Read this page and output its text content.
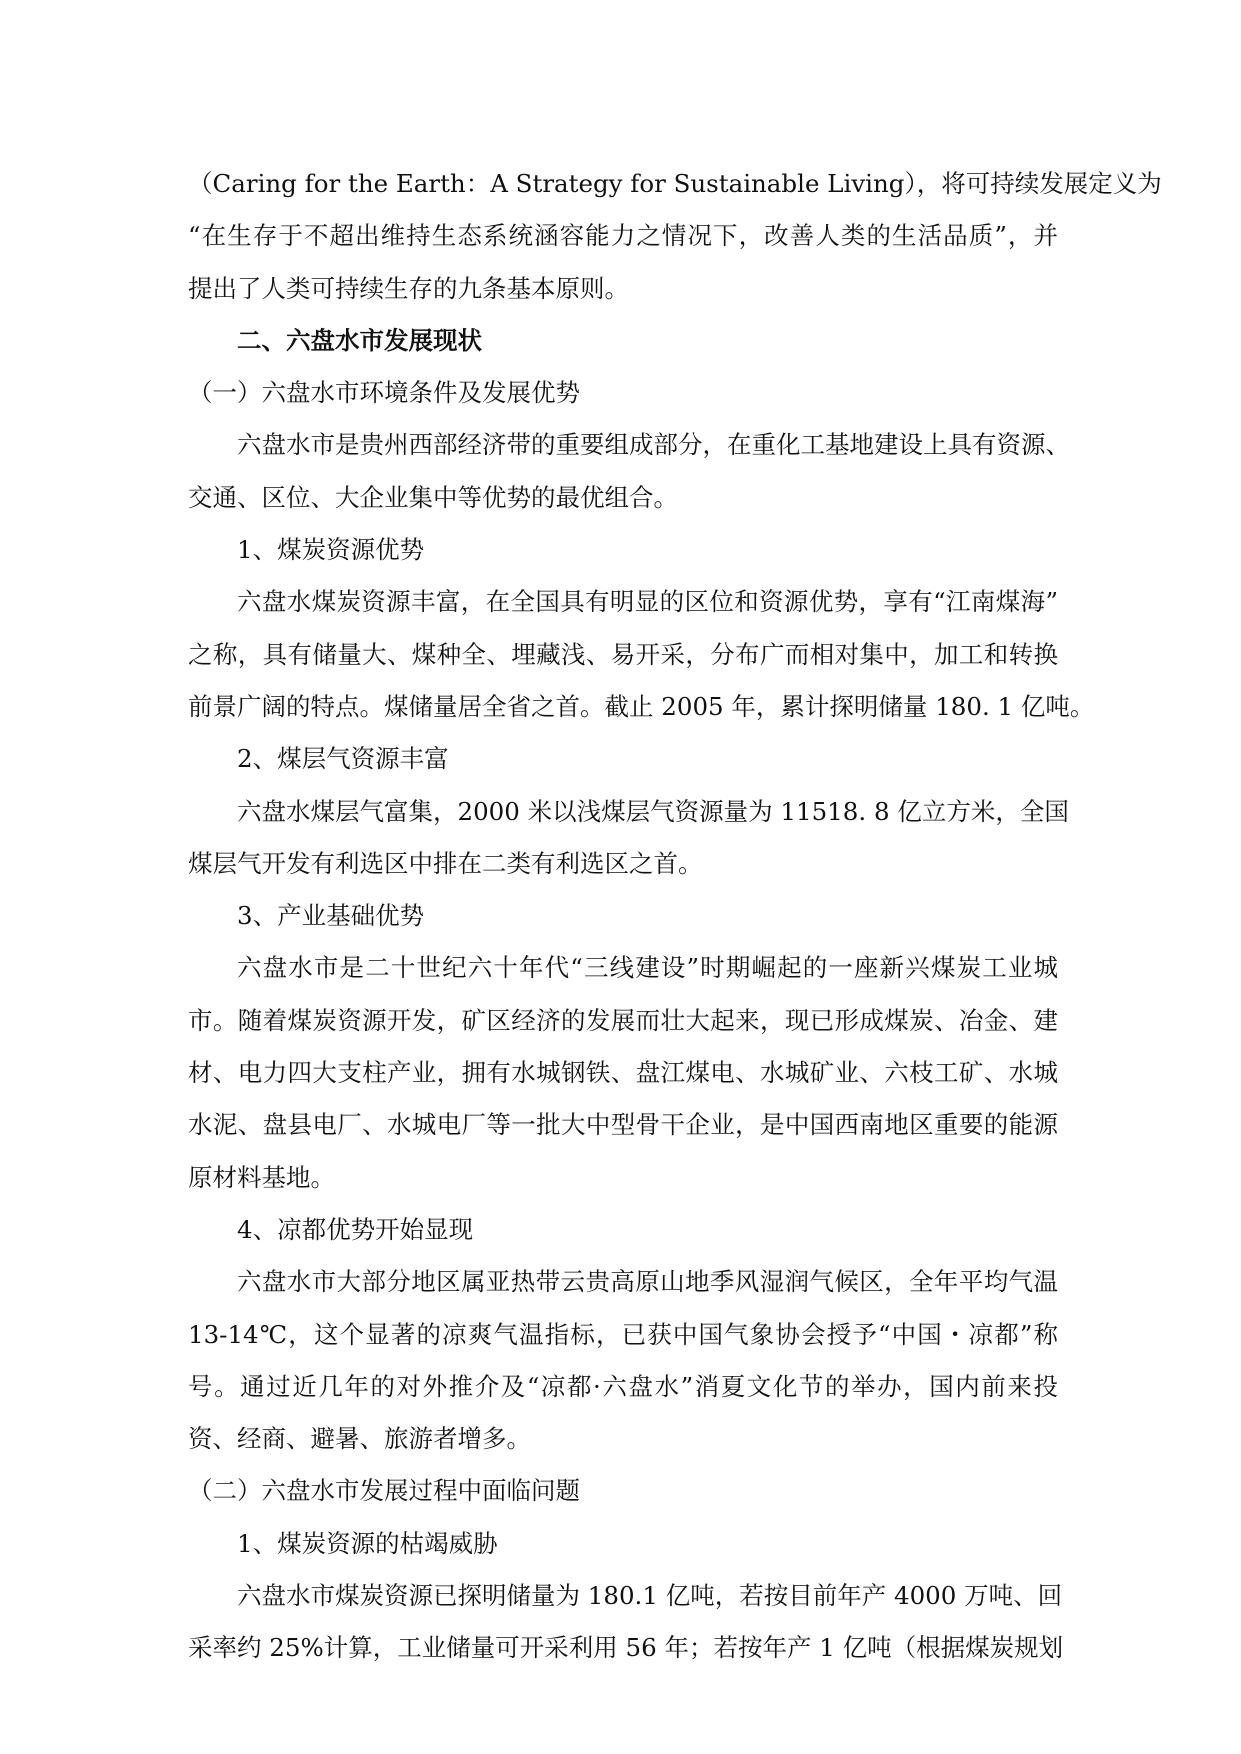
（Caring for the Earth：A Strategy for Sustainable Living），将可持续发展定义为
“在生存于不超出维持生态系统涵容能力之情况下，改善人类的生活品质”，并
提出了人类可持续生存的九条基本原则。
二、六盘水市发展现状
（一）六盘水市环境条件及发展优势
六盘水市是贵州西部经济带的重要组成部分，在重化工基地建设上具有资源、
交通、区位、大企业集中等优势的最优组合。
1、煤炭资源优势
六盘水煤炭资源丰富，在全国具有明显的区位和资源优势，享有“江南煤海”
之称，具有储量大、煤种全、埋藏浅、易开采，分布广而相对集中，加工和转换
前景广阔的特点。煤储量居全省之首。截止 2005 年，累计探明储量 180. 1 亿吨。
2、煤层气资源丰富
六盘水煤层气富集，2000 米以浅煤层气资源量为 11518. 8 亿立方米，全国
煤层气开发有利选区中排在二类有利选区之首。
3、产业基础优势
六盘水市是二十世纪六十年代“三线建设”时期崛起的一座新兴煤炭工业城
市。随着煤炭资源开发，矿区经济的发展而壮大起来，现已形成煤炭、冶金、建
材、电力四大支柱产业，拥有水城钢铁、盘江煤电、水城矿业、六枝工矿、水城
水泥、盘县电厂、水城电厂等一批大中型骨干企业，是中国西南地区重要的能源
原材料基地。
4、凉都优势开始显现
六盘水市大部分地区属亚热带云贵高原山地季风湿润气候区，全年平均气温
13-14℃，这个显著的凉爽气温指标，已获中国气象协会授予“中国・凉都”称
号。通过近几年的对外推介及“凉都·六盘水”消夏文化节的举办，国内前来投
资、经商、避暑、旅游者增多。
（二）六盘水市发展过程中面临问题
1、煤炭资源的枯竭威胁
六盘水市煤炭资源已探明储量为 180.1 亿吨，若按目前年产 4000 万吨、回
采率约 25%计算，工业储量可开采利用 56 年；若按年产 1 亿吨（根据煤炭规划
